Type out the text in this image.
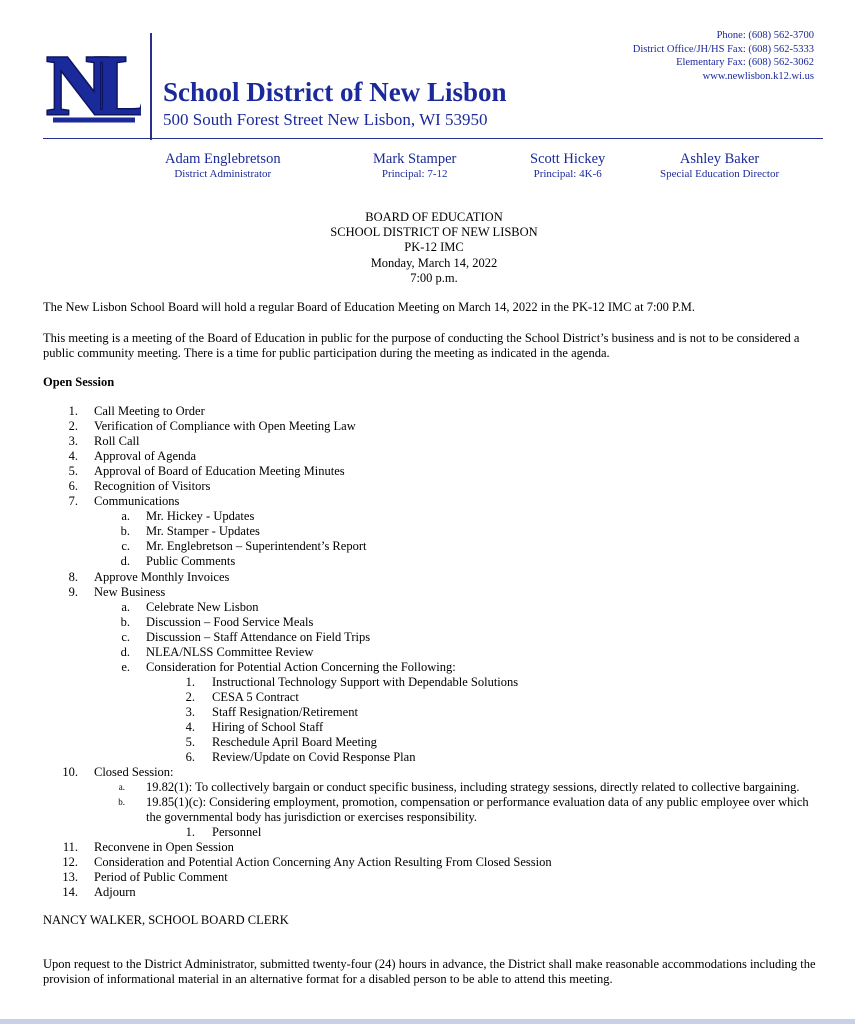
NL School District of New Lisbon
500 South Forest Street New Lisbon, WI 53950
Phone: (608) 562-3700
District Office/JH/HS Fax: (608) 562-5333
Elementary Fax: (608) 562-3062
www.newlisbon.k12.wi.us
Adam Englebretson
District Administrator
Mark Stamper
Principal: 7-12
Scott Hickey
Principal: 4K-6
Ashley Baker
Special Education Director
BOARD OF EDUCATION
SCHOOL DISTRICT OF NEW LISBON
PK-12 IMC
Monday, March 14, 2022
7:00 p.m.
The New Lisbon School Board will hold a regular Board of Education Meeting on March 14, 2022 in the PK-12 IMC at 7:00 P.M.
This meeting is a meeting of the Board of Education in public for the purpose of conducting the School District’s business and is not to be considered a public community meeting. There is a time for public participation during the meeting as indicated in the agenda.
Open Session
1. Call Meeting to Order
2. Verification of Compliance with Open Meeting Law
3. Roll Call
4. Approval of Agenda
5. Approval of Board of Education Meeting Minutes
6. Recognition of Visitors
7. Communications
a. Mr. Hickey - Updates
b. Mr. Stamper - Updates
c. Mr. Englebretson – Superintendent’s Report
d. Public Comments
8. Approve Monthly Invoices
9. New Business
a. Celebrate New Lisbon
b. Discussion – Food Service Meals
c. Discussion – Staff Attendance on Field Trips
d. NLEA/NLSS Committee Review
e. Consideration for Potential Action Concerning the Following:
1. Instructional Technology Support with Dependable Solutions
2. CESA 5 Contract
3. Staff Resignation/Retirement
4. Hiring of School Staff
5. Reschedule April Board Meeting
6. Review/Update on Covid Response Plan
10. Closed Session:
a. 19.82(1): To collectively bargain or conduct specific business, including strategy sessions, directly related to collective bargaining.
b. 19.85(1)(c): Considering employment, promotion, compensation or performance evaluation data of any public employee over which the governmental body has jurisdiction or exercises responsibility.
1. Personnel
11. Reconvene in Open Session
12. Consideration and Potential Action Concerning Any Action Resulting From Closed Session
13. Period of Public Comment
14. Adjourn
NANCY WALKER, SCHOOL BOARD CLERK
Upon request to the District Administrator, submitted twenty-four (24) hours in advance, the District shall make reasonable accommodations including the provision of informational material in an alternative format for a disabled person to be able to attend this meeting.
